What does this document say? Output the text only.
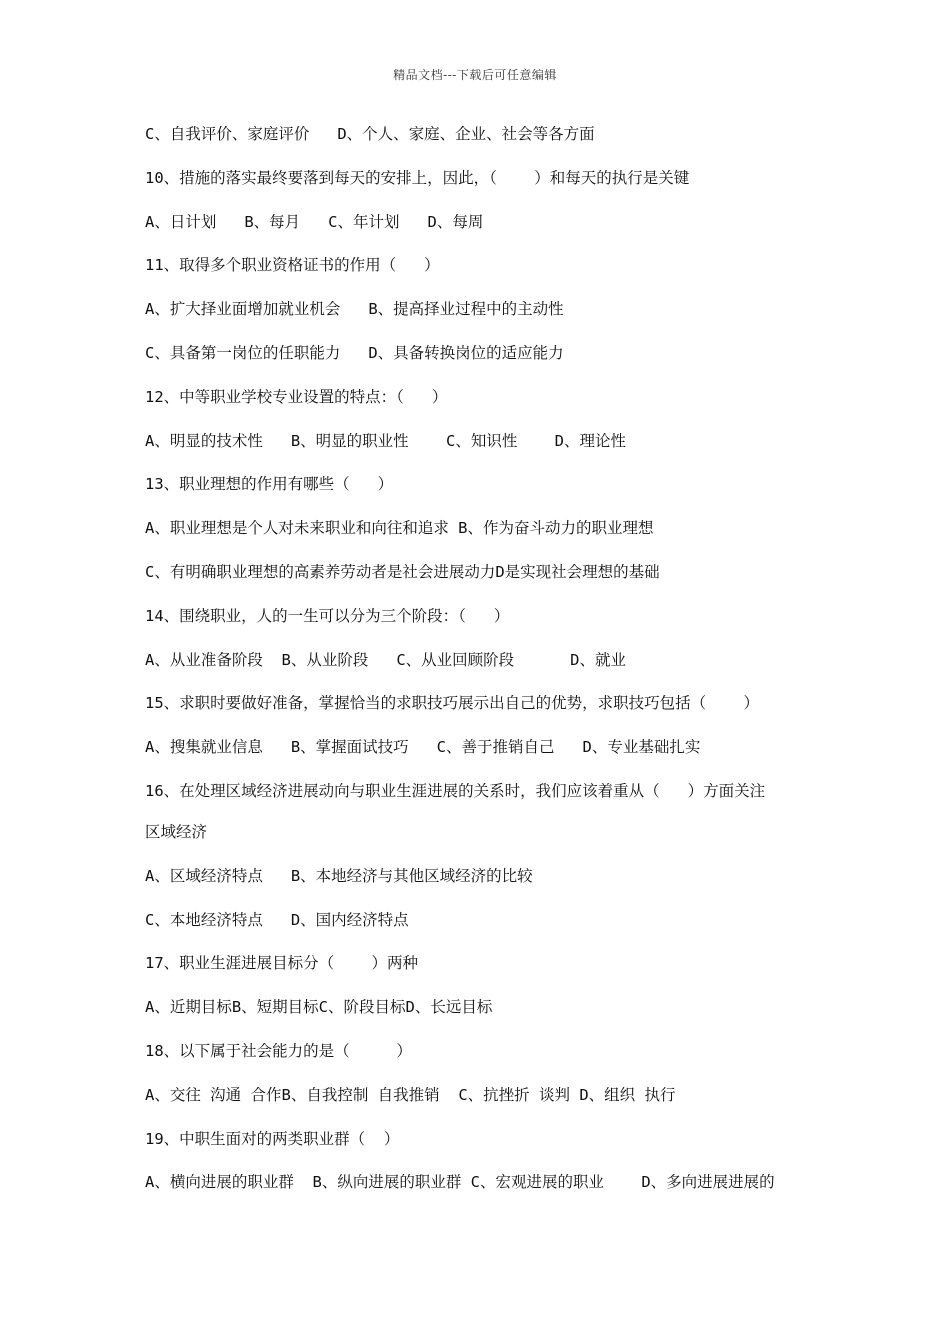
精品文档---下载后可任意编辑
C、自我评价、家庭评价   D、个人、家庭、企业、社会等各方面
10、措施的落实最终要落到每天的安排上，因此，（    ）和每天的执行是关键
A、日计划   B、每月   C、年计划   D、每周
11、取得多个职业资格证书的作用（   ）
A、扩大择业面增加就业机会   B、提高择业过程中的主动性
C、具备第一岗位的任职能力   D、具备转换岗位的适应能力
12、中等职业学校专业设置的特点：（   ）
A、明显的技术性   B、明显的职业性    C、知识性    D、理论性
13、职业理想的作用有哪些（   ）
A、职业理想是个人对未来职业和向往和追求 B、作为奋斗动力的职业理想
C、有明确职业理想的高素养劳动者是社会进展动力D是实现社会理想的基础
14、围绕职业，人的一生可以分为三个阶段：（   ）
A、从业准备阶段  B、从业阶段   C、从业回顾阶段      D、就业
15、求职时要做好准备，掌握恰当的求职技巧展示出自己的优势，求职技巧包括（    ）
A、搜集就业信息   B、掌握面试技巧   C、善于推销自己   D、专业基础扎实
16、在处理区域经济进展动向与职业生涯进展的关系时，我们应该着重从（   ）方面关注
区域经济
A、区域经济特点   B、本地经济与其他区域经济的比较
C、本地经济特点   D、国内经济特点
17、职业生涯进展目标分（    ）两种
A、近期目标B、短期目标C、阶段目标D、长远目标
18、以下属于社会能力的是（     ）
A、交往 沟通 合作B、自我控制 自我推销  C、抗挫折 谈判 D、组织 执行
19、中职生面对的两类职业群（  ）
A、横向进展的职业群  B、纵向进展的职业群 C、宏观进展的职业    D、多向进展进展的
